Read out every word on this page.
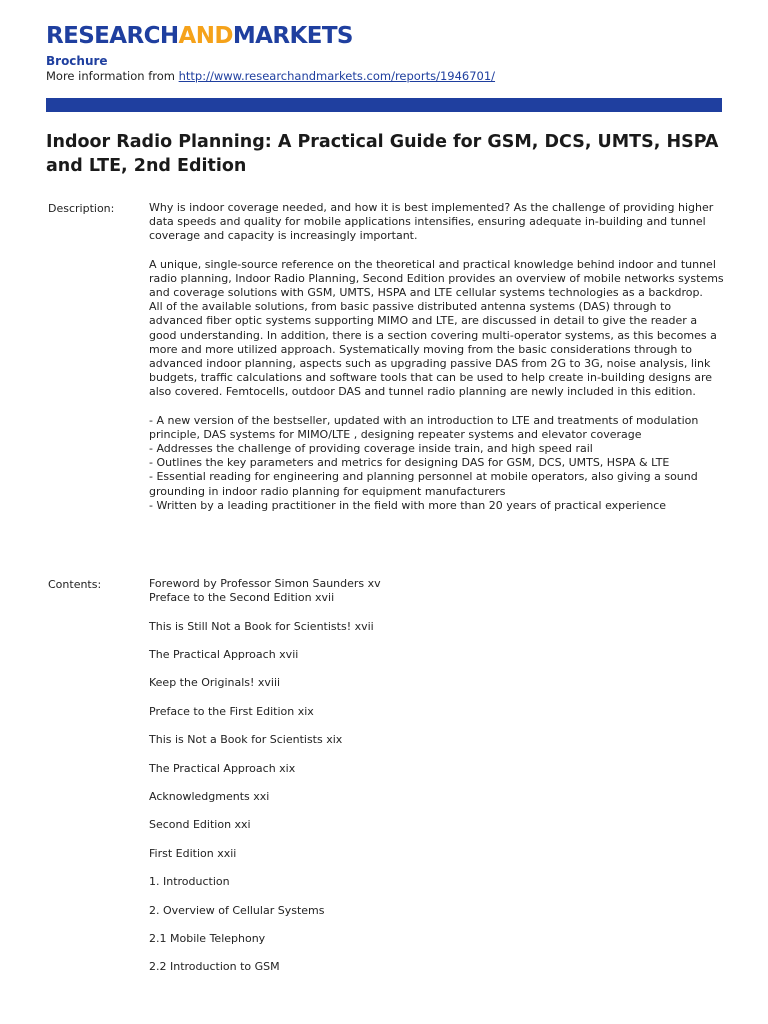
RESEARCHANDMARKETS
Brochure
More information from http://www.researchandmarkets.com/reports/1946701/
Indoor Radio Planning: A Practical Guide for GSM, DCS, UMTS, HSPA and LTE, 2nd Edition
Description:	Why is indoor coverage needed, and how it is best implemented? As the challenge of providing higher data speeds and quality for mobile applications intensifies, ensuring adequate in-building and tunnel coverage and capacity is increasingly important.

A unique, single-source reference on the theoretical and practical knowledge behind indoor and tunnel radio planning, Indoor Radio Planning, Second Edition provides an overview of mobile networks systems and coverage solutions with GSM, UMTS, HSPA and LTE cellular systems technologies as a backdrop.

All of the available solutions, from basic passive distributed antenna systems (DAS) through to advanced fiber optic systems supporting MIMO and LTE, are discussed in detail to give the reader a good understanding. In addition, there is a section covering multi-operator systems, as this becomes a more and more utilized approach. Systematically moving from the basic considerations through to advanced indoor planning, aspects such as upgrading passive DAS from 2G to 3G, noise analysis, link budgets, traffic calculations and software tools that can be used to help create in-building designs are also covered. Femtocells, outdoor DAS and tunnel radio planning are newly included in this edition.

- A new version of the bestseller, updated with an introduction to LTE and treatments of modulation principle, DAS systems for MIMO/LTE , designing repeater systems and elevator coverage
- Addresses the challenge of providing coverage inside train, and high speed rail
- Outlines the key parameters and metrics for designing DAS for GSM, DCS, UMTS, HSPA & LTE
- Essential reading for engineering and planning personnel at mobile operators, also giving a sound grounding in indoor radio planning for equipment manufacturers
- Written by a leading practitioner in the field with more than 20 years of practical experience
Contents:	Foreword by Professor Simon Saunders xv
Preface to the Second Edition xvii
This is Still Not a Book for Scientists! xvii
The Practical Approach xvii
Keep the Originals! xviii
Preface to the First Edition xix
This is Not a Book for Scientists xix
The Practical Approach xix
Acknowledgments xxi
Second Edition xxi
First Edition xxii
1. Introduction
2. Overview of Cellular Systems
2.1 Mobile Telephony
2.2 Introduction to GSM
